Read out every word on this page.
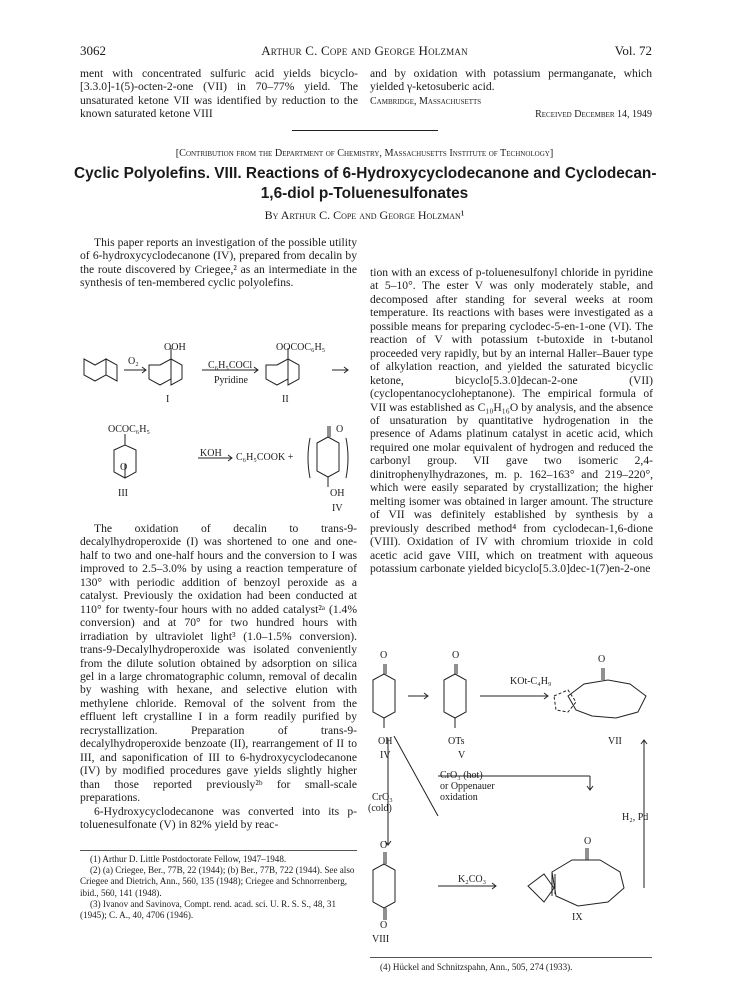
3062	Arthur C. Cope and George Holzman	Vol. 72

ment with concentrated sulfuric acid yields bicyclo-[3.3.0]-1(5)-octen-2-one (VII) in 70–77% yield. The unsaturated ketone VII was identified by reduction to the known saturated ketone VIII

and by oxidation with potassium permanganate, which yielded γ-ketosuberic acid.

Cambridge, Massachusetts
Received December 14, 1949
[Contribution from the Department of Chemistry, Massachusetts Institute of Technology]
Cyclic Polyolefins. VIII. Reactions of 6-Hydroxycyclodecanone and Cyclodecan-
1,6-diol p-Toluenesulfonates
By Arthur C. Cope and George Holzman¹

This paper reports an investigation of the possible utility of 6-hydroxycyclodecanone (IV), prepared from decalin by the route discovered by Criegee,² as an intermediate in the synthesis of ten-membered cyclic polyolefins.

OOH	OOCOC₆H₅
O₂	C₆H₅COCl
Pyridine
I	II
OCOC₆H₅	O
O
KOH C₆H₅COOK +
III	OH
IV

The oxidation of decalin to trans-9-decalylhydroperoxide (I) was shortened to one and one-half to two and one-half hours and the conversion to I was improved to 2.5–3.0% by using a reaction temperature of 130° with periodic addition of benzoyl peroxide as a catalyst. Previously the oxidation had been conducted at 110° for twenty-four hours with no added catalyst²ᵃ (1.4% conversion) and at 70° for two hundred hours with irradiation by ultraviolet light³ (1.0–1.5% conversion). trans-9-Decalylhydroperoxide was isolated conveniently from the dilute solution obtained by adsorption on silica gel in a large chromatographic column, removal of decalin by washing with hexane, and selective elution with methylene chloride. Removal of the solvent from the effluent left crystalline I in a form readily purified by recrystallization. Preparation of trans-9-decalylhydroperoxide benzoate (II), rearrangement of II to III, and saponification of III to 6-hydroxycyclodecanone (IV) by modified procedures gave yields slightly higher than those reported previously²ᵇ for small-scale preparations.

6-Hydroxycyclodecanone was converted into its p-toluenesulfonate (V) in 82% yield by reac-

(1) Arthur D. Little Postdoctorate Fellow, 1947–1948.

(2) (a) Criegee, Ber., 77B, 22 (1944); (b) Ber., 77B, 722 (1944). See also Criegee and Dietrich, Ann., 560, 135 (1948); Criegee and Schnorrenberg, ibid., 560, 141 (1948).

(3) Ivanov and Savinova, Compt. rend. acad. sci. U. R. S. S., 48, 31 (1945); C. A., 40, 4706 (1946).

tion with an excess of p-toluenesulfonyl chloride in pyridine at 5–10°. The ester V was only moderately stable, and decomposed after standing for several weeks at room temperature. Its reactions with bases were investigated as a possible means for preparing cyclodec-5-en-1-one (VI). The reaction of V with potassium t-butoxide in t-butanol proceeded very rapidly, but by an internal Haller–Bauer type of alkylation reaction, and yielded the saturated bicyclic ketone, bicyclo[5.3.0]decan-2-one (VII) (cyclopentanocycloheptanone). The empirical formula of VII was established as C₁₀H₁₆O by analysis, and the absence of unsaturation by quantitative hydrogenation in the presence of Adams platinum catalyst in acetic acid, which required one molar equivalent of hydrogen and reduced the carbonyl group. VII gave two isomeric 2,4-dinitrophenylhydrazones, m. p. 162–163° and 219–220°, which were easily separated by crystallization; the higher melting isomer was obtained in larger amount. The structure of VII was definitely established by synthesis by a previously described method⁴ from cyclodecan-1,6-dione (VIII). Oxidation of IV with chromium trioxide in cold acetic acid gave VIII, which on treatment with aqueous potassium carbonate yielded bicyclo[5.3.0]dec-1(7)en-2-one

O	O	O
KOt-C₄H₉
OH	OTs	VII
IV	V
CrO₃ (hot)
or Oppenauer
oxidation
CrO₃
(cold)
H₂, Pd
O	O
K₂CO₃
O
IX
VIII

(4) Hückel and Schnitzspahn, Ann., 505, 274 (1933).
